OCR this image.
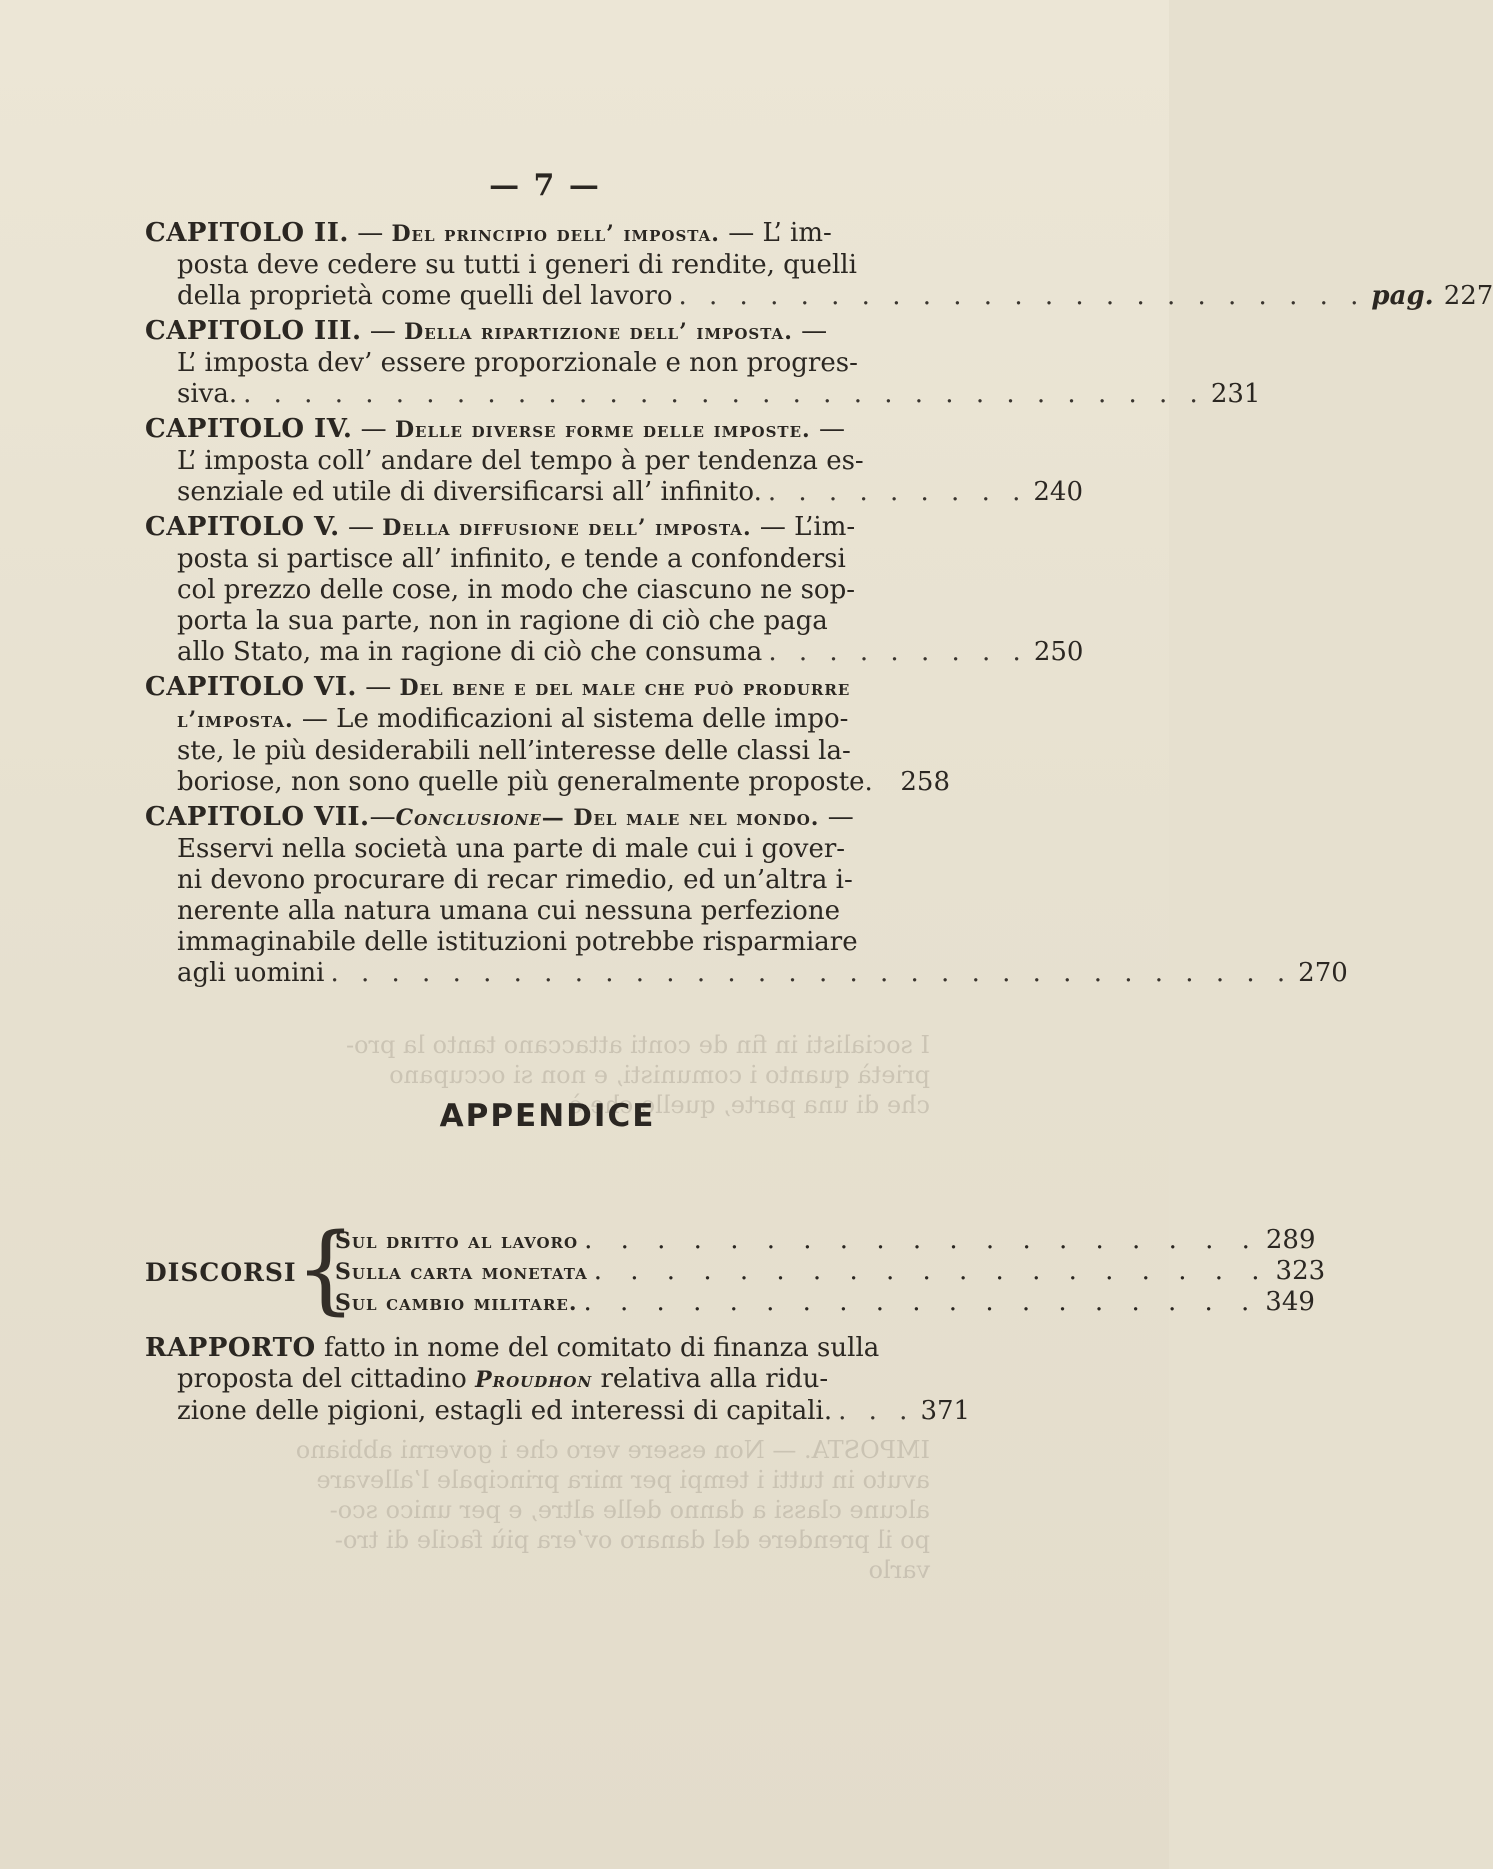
I socialisti in fin de conti attaccano tanto la pro-
prietà quanto i comunisti, e non si occupano
che di una parte, quelle che è
IMPOSTA. — Non essere vero che i governi abbiano
avuto in tutti i tempi per mira principale l’allevare
alcune classi a danno delle altre, e per unico sco-
po il prendere del danaro ov’era più facile di tro-
varlo
— 7 —
CAPITOLO II. — Del principio dell’ imposta. — L’ im-
posta deve cedere su tutti i generi di rendite, quelli
della proprietà come quelli del lavoro . . . . . . . . . . . . . . . . . . . . . . . pag. 227
CAPITOLO III. — Della ripartizione dell’ imposta. —
L’ imposta dev’ essere proporzionale e non progres-
siva. . . . . . . . . . . . . . . . . . . . . . . . . . . . . . . . . 231
CAPITOLO IV. — Delle diverse forme delle imposte. —
L’ imposta coll’ andare del tempo à per tendenza es-
senziale ed utile di diversificarsi all’ infinito. . . . . . . . . . 240
CAPITOLO V. — Della diffusione dell’ imposta. — L’im-
posta si partisce all’ infinito, e tende a confondersi
col prezzo delle cose, in modo che ciascuno ne sop-
porta la sua parte, non in ragione di ciò che paga
allo Stato, ma in ragione di ciò che consuma . . . . . . . . . 250
CAPITOLO VI. — Del bene e del male che può produrre
l’imposta. — Le modificazioni al sistema delle impo-
ste, le più desiderabili nell’interesse delle classi la-
boriose, non sono quelle più generalmente proposte. 258
CAPITOLO VII.—Conclusione— Del male nel mondo. —
Esservi nella società una parte di male cui i gover-
ni devono procurare di recar rimedio, ed un’altra i-
nerente alla natura umana cui nessuna perfezione
immaginabile delle istituzioni potrebbe risparmiare
agli uomini . . . . . . . . . . . . . . . . . . . . . . . . . . . . . . . . 270
APPENDICE
DISCORSI
{
Sul dritto al lavoro . . . . . . . . . . . . . . . . . . . 289
Sulla carta monetata . . . . . . . . . . . . . . . . . . . 323
Sul cambio militare. . . . . . . . . . . . . . . . . . . . 349
RAPPORTO fatto in nome del comitato di finanza sulla
proposta del cittadino Proudhon relativa alla ridu-
zione delle pigioni, estagli ed interessi di capitali. . . . 371
